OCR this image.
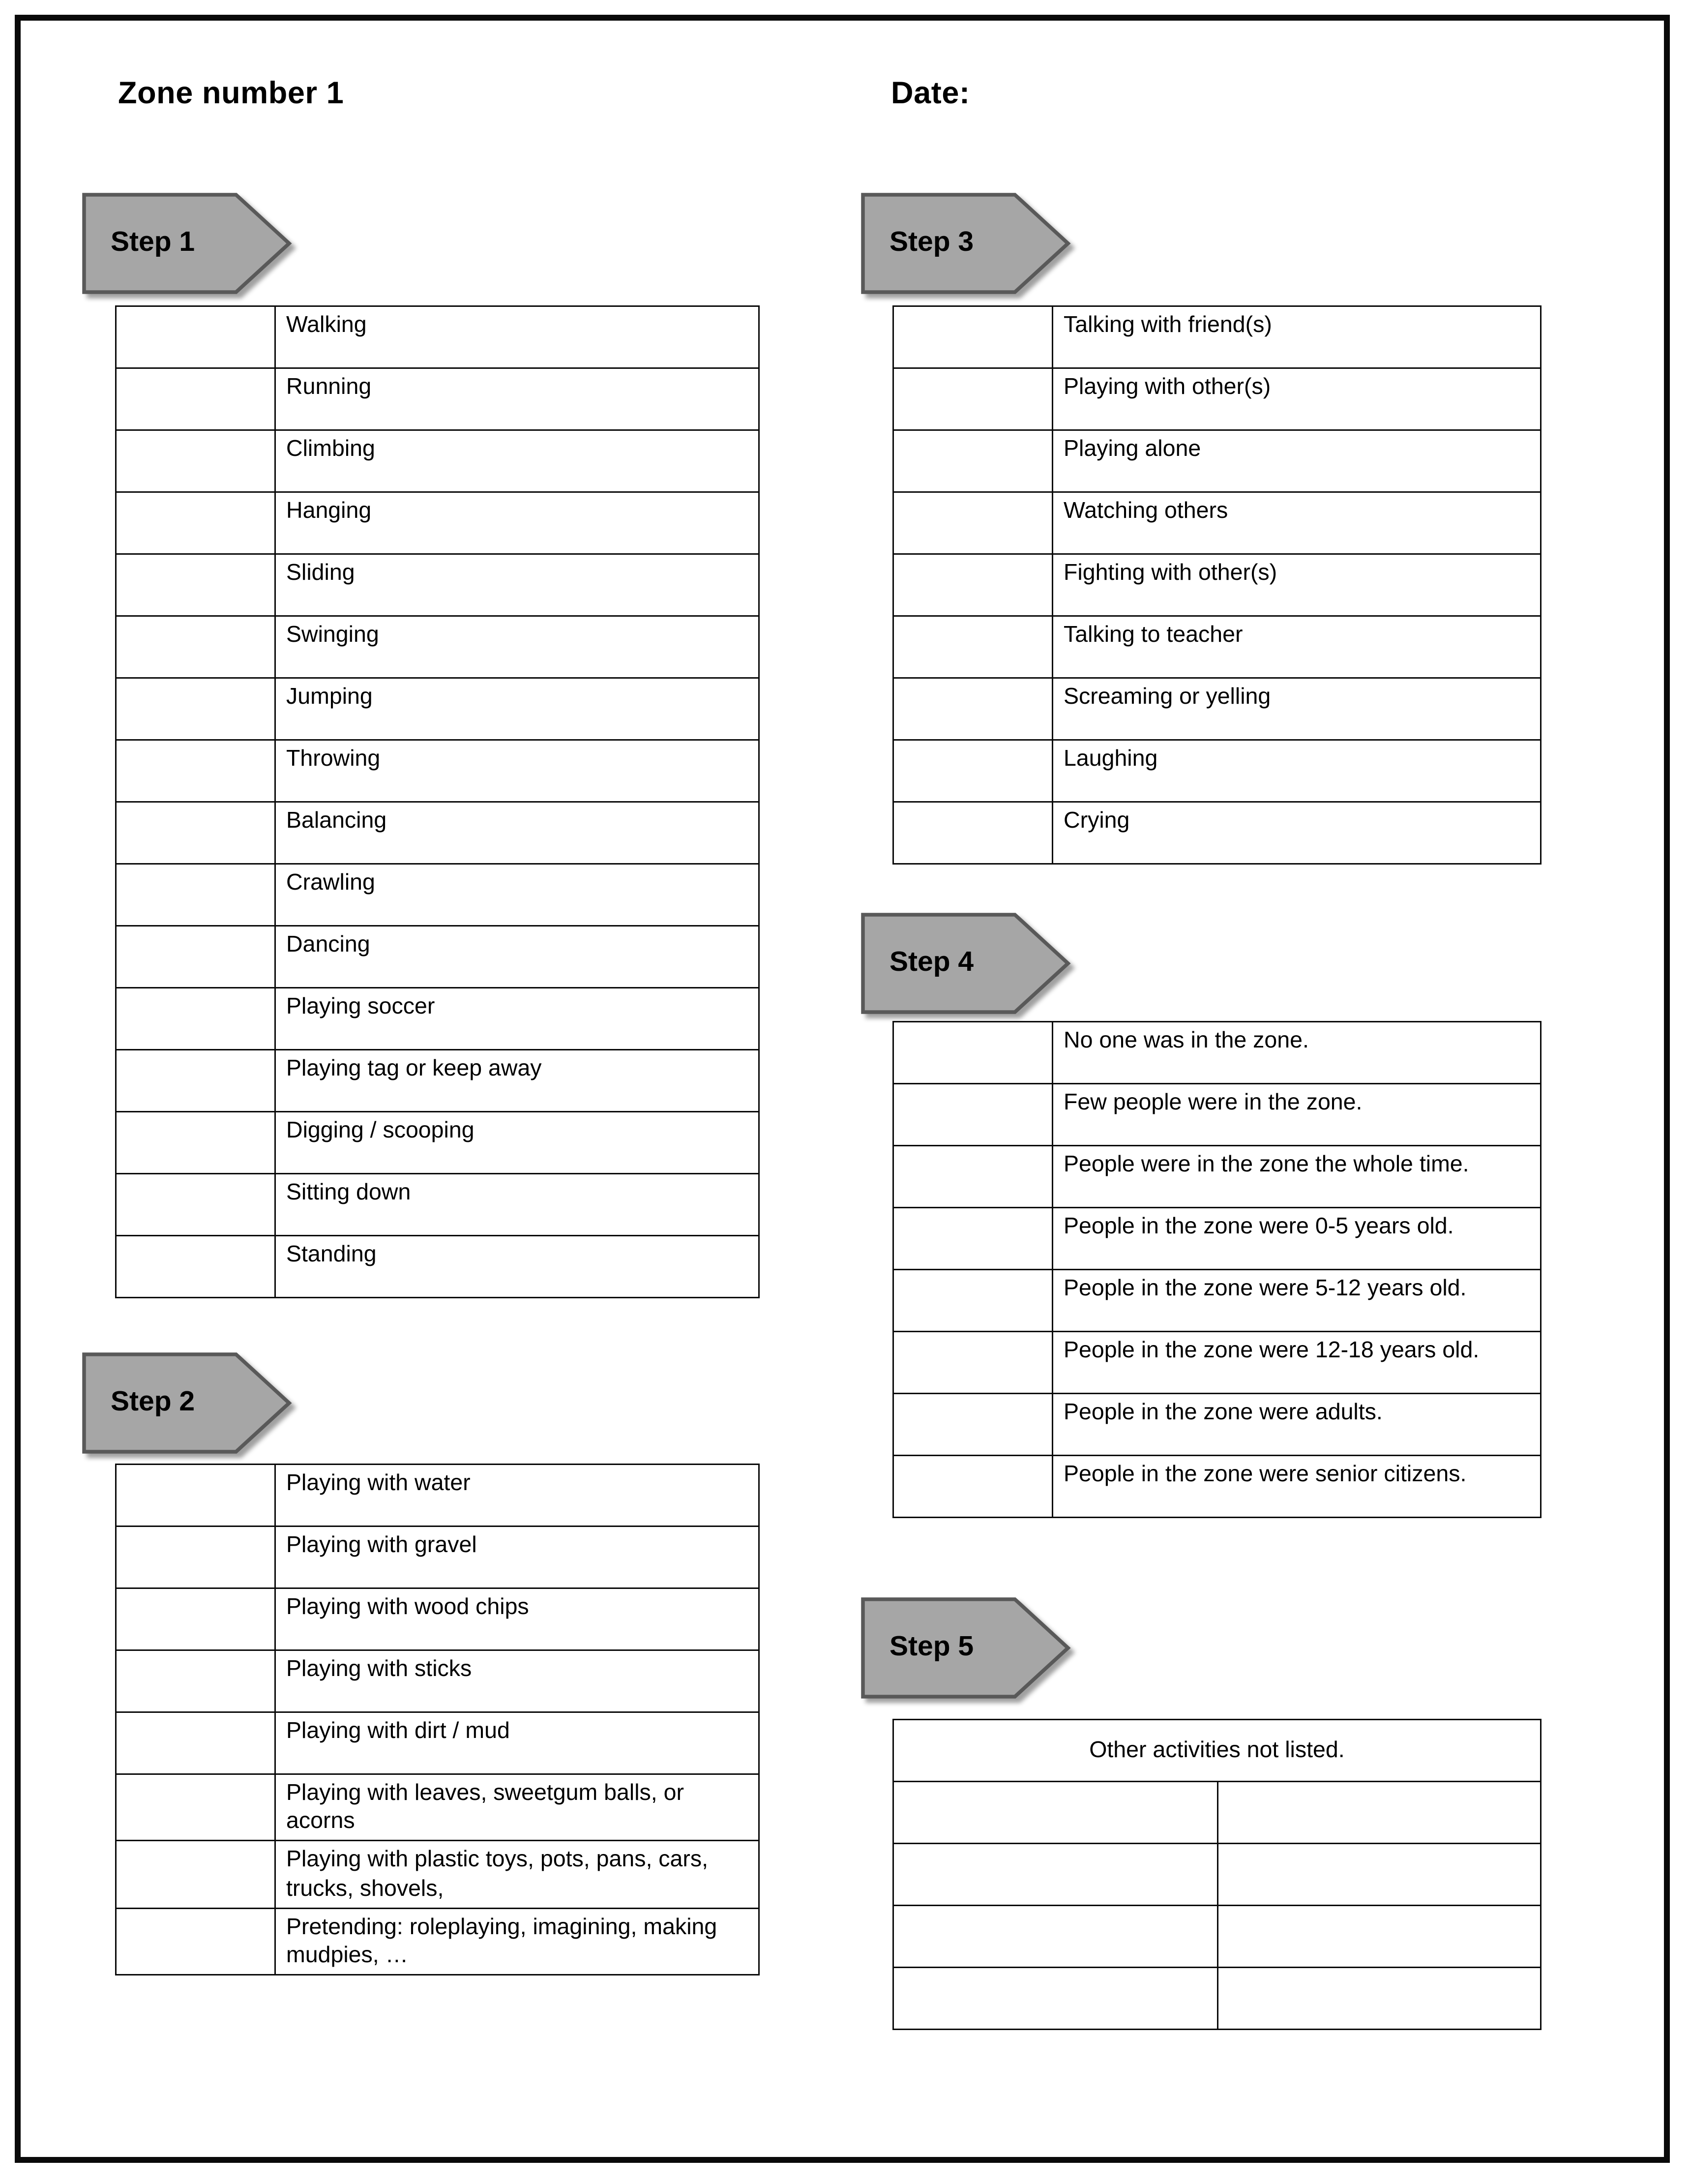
Zone number 1	Date:
Step 1
	Walking
	Running
	Climbing
	Hanging
	Sliding
	Swinging
	Jumping
	Throwing
	Balancing
	Crawling
	Dancing
	Playing soccer
	Playing tag or keep away
	Digging / scooping
	Sitting down
	Standing
Step 2
	Playing with water
	Playing with gravel
	Playing with wood chips
	Playing with sticks
	Playing with dirt / mud
	Playing with leaves, sweetgum balls, or acorns
	Playing with plastic toys, pots, pans, cars, trucks, shovels,
	Pretending: roleplaying, imagining, making mudpies, …
Step 3
	Talking with friend(s)
	Playing with other(s)
	Playing alone
	Watching others
	Fighting with other(s)
	Talking to teacher
	Screaming or yelling
	Laughing
	Crying
Step 4
	No one was in the zone.
	Few people were in the zone.
	People were in the zone the whole time.
	People in the zone were 0-5 years old.
	People in the zone were 5-12 years old.
	People in the zone were 12-18 years old.
	People in the zone were adults.
	People in the zone were senior citizens.
Step 5
Other activities not listed.	
